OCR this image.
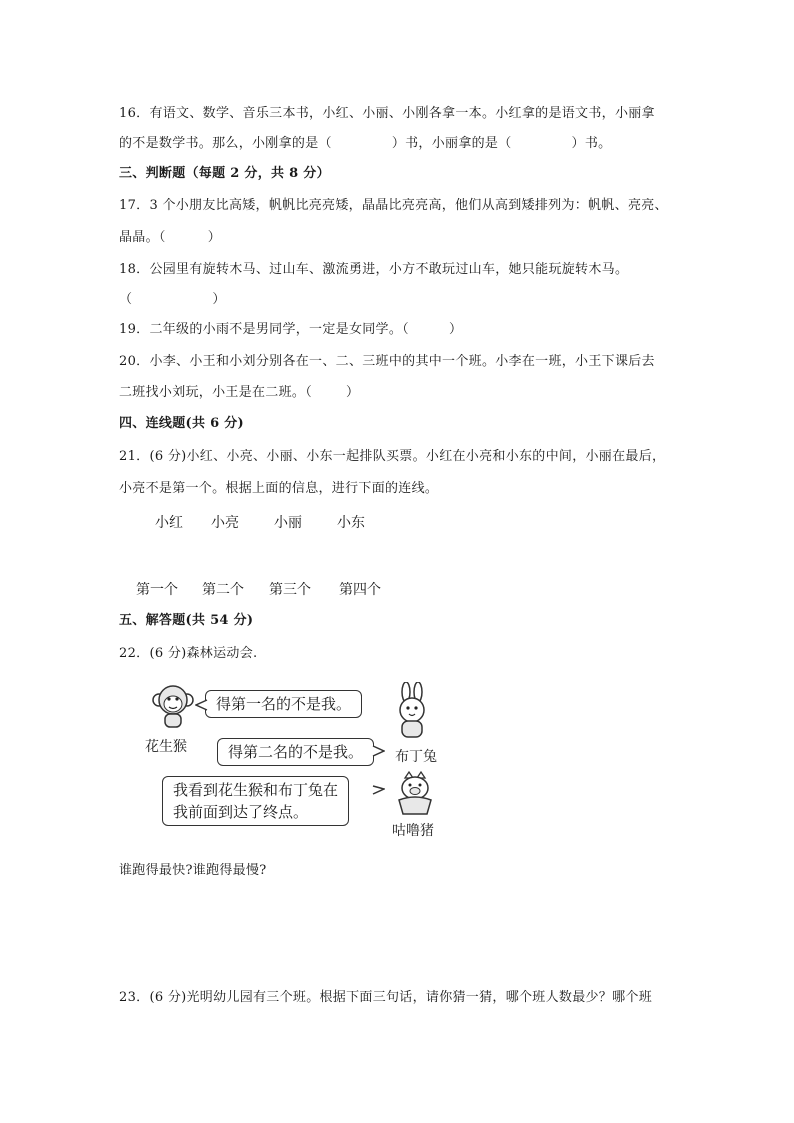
16．有语文、数学、音乐三本书，小红、小丽、小刚各拿一本。小红拿的是语文书，小丽拿
的不是数学书。那么，小刚拿的是（	）书，小丽拿的是（	）书。
三、判断题（每题 2 分，共 8 分）
17．3 个小朋友比高矮，帆帆比亮亮矮，晶晶比亮亮高，他们从高到矮排列为：帆帆、亮亮、
晶晶。（	）
18．公园里有旋转木马、过山车、激流勇进，小方不敢玩过山车，她只能玩旋转木马。
（	）
19．二年级的小雨不是男同学，一定是女同学。（	）
20．小李、小王和小刘分别各在一、二、三班中的其中一个班。小李在一班，小王下课后去
二班找小刘玩，小王是在二班。（	）
四、连线题(共 6 分)
21．(6 分)小红、小亮、小丽、小东一起排队买票。小红在小亮和小东的中间，小丽在最后，
小亮不是第一个。根据上面的信息，进行下面的连线。
小红 小亮	小丽	小东
第一个 第二个 第三个 第四个
五、解答题(共 54 分)
22．(6 分)森林运动会.
花生猴
得第一名的不是我。
布丁兔
得第二名的不是我。
我看到花生猴和布丁兔在
我前面到达了终点。
咕噜猪
谁跑得最快?谁跑得最慢?
23．(6 分)光明幼儿园有三个班。根据下面三句话，请你猜一猜，哪个班人数最少？哪个班
